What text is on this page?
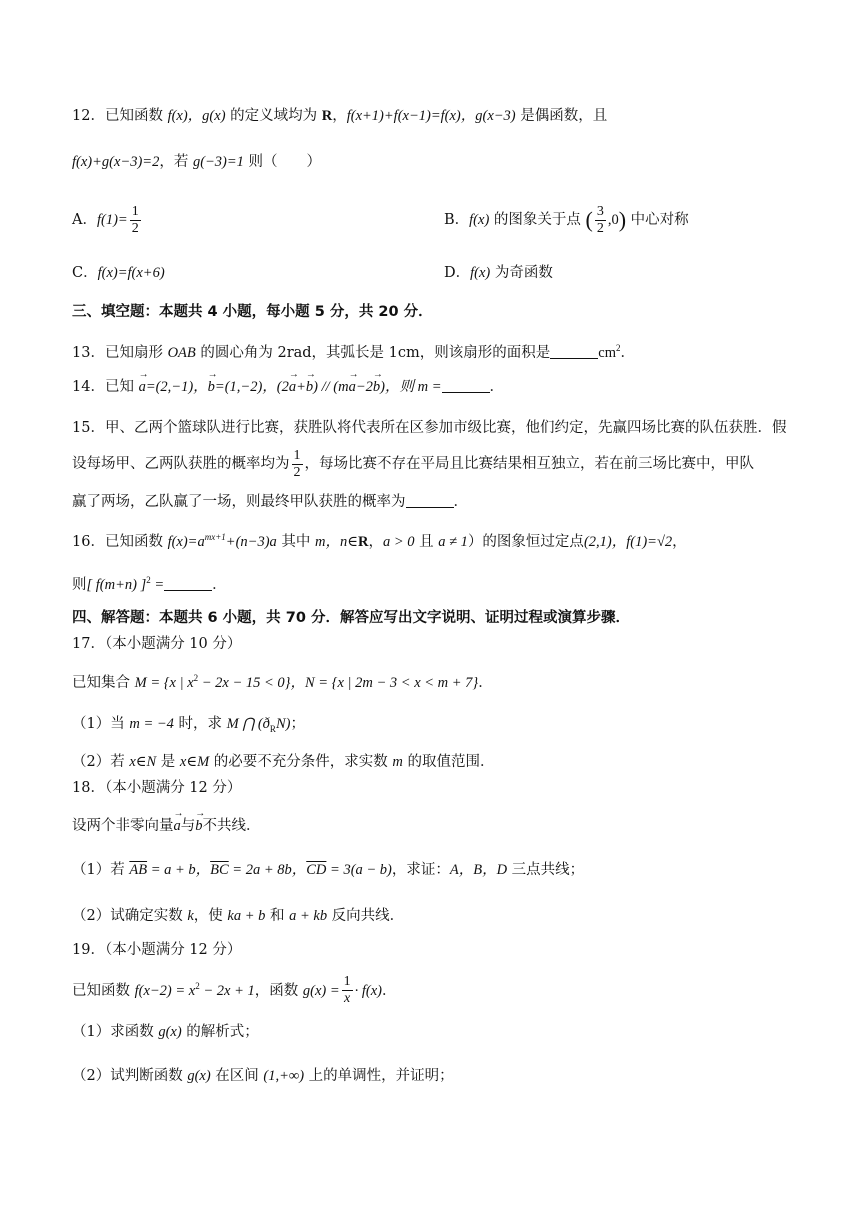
12．已知函数 f(x)，g(x) 的定义域均为 R，f(x+1)+f(x−1)=f(x)，g(x−3) 是偶函数，且
f(x)+g(x−3)=2，若 g(−3)=1 则（　　）
A．$f(1)= \frac{1}{2}$	B．f(x) 的图象关于点 ( $\frac{3}{2} ,0$) 中心对称
C．f(x)=f(x+6)	D．f(x) 为奇函数
三、填空题：本题共 4 小题，每小题 5 分，共 20 分．
13．已知扇形 OAB 的圆心角为 2rad，其弧长是 1cm，则该扇形的面积是	$cm^2$．
14．已知 → a=(2,−1)，→ b=(1,−2)，(2→ a+→ b) // (m→ a−2→ b)，则 m =	．
15．甲、乙两个篮球队进行比赛，获胜队将代表所在区参加市级比赛，他们约定，先赢四场比赛的队伍获胜．假
设每场甲、乙两队获胜的概率均为 $\frac{1}{2}$ ，每场比赛不存在平局且比赛结果相互独立，若在前三场比赛中，甲队
赢了两场，乙队赢了一场，则最终甲队获胜的概率为	．
16．已知函数 $f(x)=a^{mx+1}+(n-3)a$ 其中 m，n∈R，a > 0 且 a ≠ 1）的图象恒过定点(2,1)，f(1)=√2，
则[ f(m+n) ]$^2$ =	．
四、解答题：本题共 6 小题，共 70 分．解答应写出文字说明、证明过程或演算步骤．
17．（本小题满分 10 分）
已知集合 M = {x | $x^2 - 2x - 15 < 0$}，N = {x | 2m − 3 < x < m + 7}．
（1）当 m = −4 时，求 M ⋂ $(ð_RN)$；
（2）若 x∈N 是 x∈M 的必要不充分条件，求实数 m 的取值范围．
18．（本小题满分 12 分）
设两个非零向量→ a与→ b不共线．
（1）若 $\overline{AB} = a + b$，$\overline{BC} = 2a + 8b$，$\overline{CD} = 3(a - b)$，求证：A，B，D 三点共线；
（2）试确定实数 k，使 ka + b 和 a + kb 反向共线．
19．（本小题满分 12 分）
已知函数 $f(x-2) = x^2 - 2x + 1$，函数 $g(x) = \frac{1}{x} \cdot f(x)$．
（1）求函数 g(x) 的解析式；
（2）试判断函数 g(x) 在区间 (1,+∞) 上的单调性，并证明；
